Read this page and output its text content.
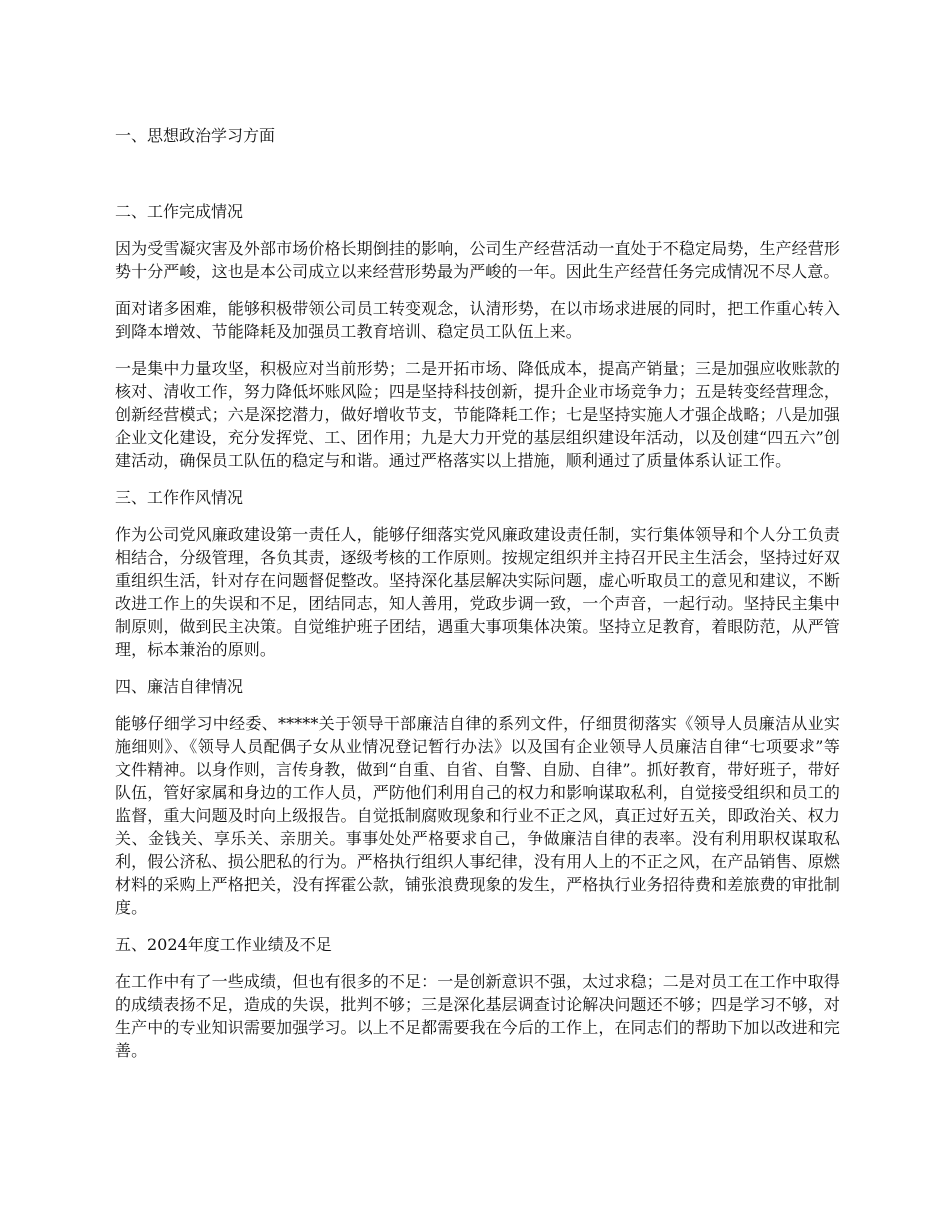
一、思想政治学习方面

二、工作完成情况

因为受雪凝灾害及外部市场价格长期倒挂的影响，公司生产经营活动一直处于不稳定局势，生产经营形势十分严峻，这也是本公司成立以来经营形势最为严峻的一年。因此生产经营任务完成情况不尽人意。

面对诸多困难，能够积极带领公司员工转变观念，认清形势，在以市场求进展的同时，把工作重心转入到降本增效、节能降耗及加强员工教育培训、稳定员工队伍上来。

一是集中力量攻坚，积极应对当前形势；二是开拓市场、降低成本，提高产销量；三是加强应收账款的核对、清收工作，努力降低坏账风险；四是坚持科技创新，提升企业市场竞争力；五是转变经营理念，创新经营模式；六是深挖潜力，做好增收节支，节能降耗工作；七是坚持实施人才强企战略；八是加强企业文化建设，充分发挥党、工、团作用；九是大力开党的基层组织建设年活动，以及创建“四五六”创建活动，确保员工队伍的稳定与和谐。通过严格落实以上措施，顺利通过了质量体系认证工作。

三、工作作风情况

作为公司党风廉政建设第一责任人，能够仔细落实党风廉政建设责任制，实行集体领导和个人分工负责相结合，分级管理，各负其责，逐级考核的工作原则。按规定组织并主持召开民主生活会，坚持过好双重组织生活，针对存在问题督促整改。坚持深化基层解决实际问题，虚心听取员工的意见和建议，不断改进工作上的失误和不足，团结同志，知人善用，党政步调一致，一个声音，一起行动。坚持民主集中制原则，做到民主决策。自觉维护班子团结，遇重大事项集体决策。坚持立足教育，着眼防范，从严管理，标本兼治的原则。

四、廉洁自律情况

能够仔细学习中经委、*****关于领导干部廉洁自律的系列文件，仔细贯彻落实《领导人员廉洁从业实施细则》、《领导人员配偶子女从业情况登记暂行办法》以及国有企业领导人员廉洁自律“七项要求”等文件精神。以身作则，言传身教，做到“自重、自省、自警、自励、自律”。抓好教育，带好班子，带好队伍，管好家属和身边的工作人员，严防他们利用自己的权力和影响谋取私利，自觉接受组织和员工的监督，重大问题及时向上级报告。自觉抵制腐败现象和行业不正之风，真正过好五关，即政治关、权力关、金钱关、享乐关、亲朋关。事事处处严格要求自己，争做廉洁自律的表率。没有利用职权谋取私利，假公济私、损公肥私的行为。严格执行组织人事纪律，没有用人上的不正之风，在产品销售、原燃材料的采购上严格把关，没有挥霍公款，铺张浪费现象的发生，严格执行业务招待费和差旅费的审批制度。

五、2024年度工作业绩及不足

在工作中有了一些成绩，但也有很多的不足：一是创新意识不强，太过求稳；二是对员工在工作中取得的成绩表扬不足，造成的失误，批判不够；三是深化基层调查讨论解决问题还不够；四是学习不够，对生产中的专业知识需要加强学习。以上不足都需要我在今后的工作上，在同志们的帮助下加以改进和完善。
